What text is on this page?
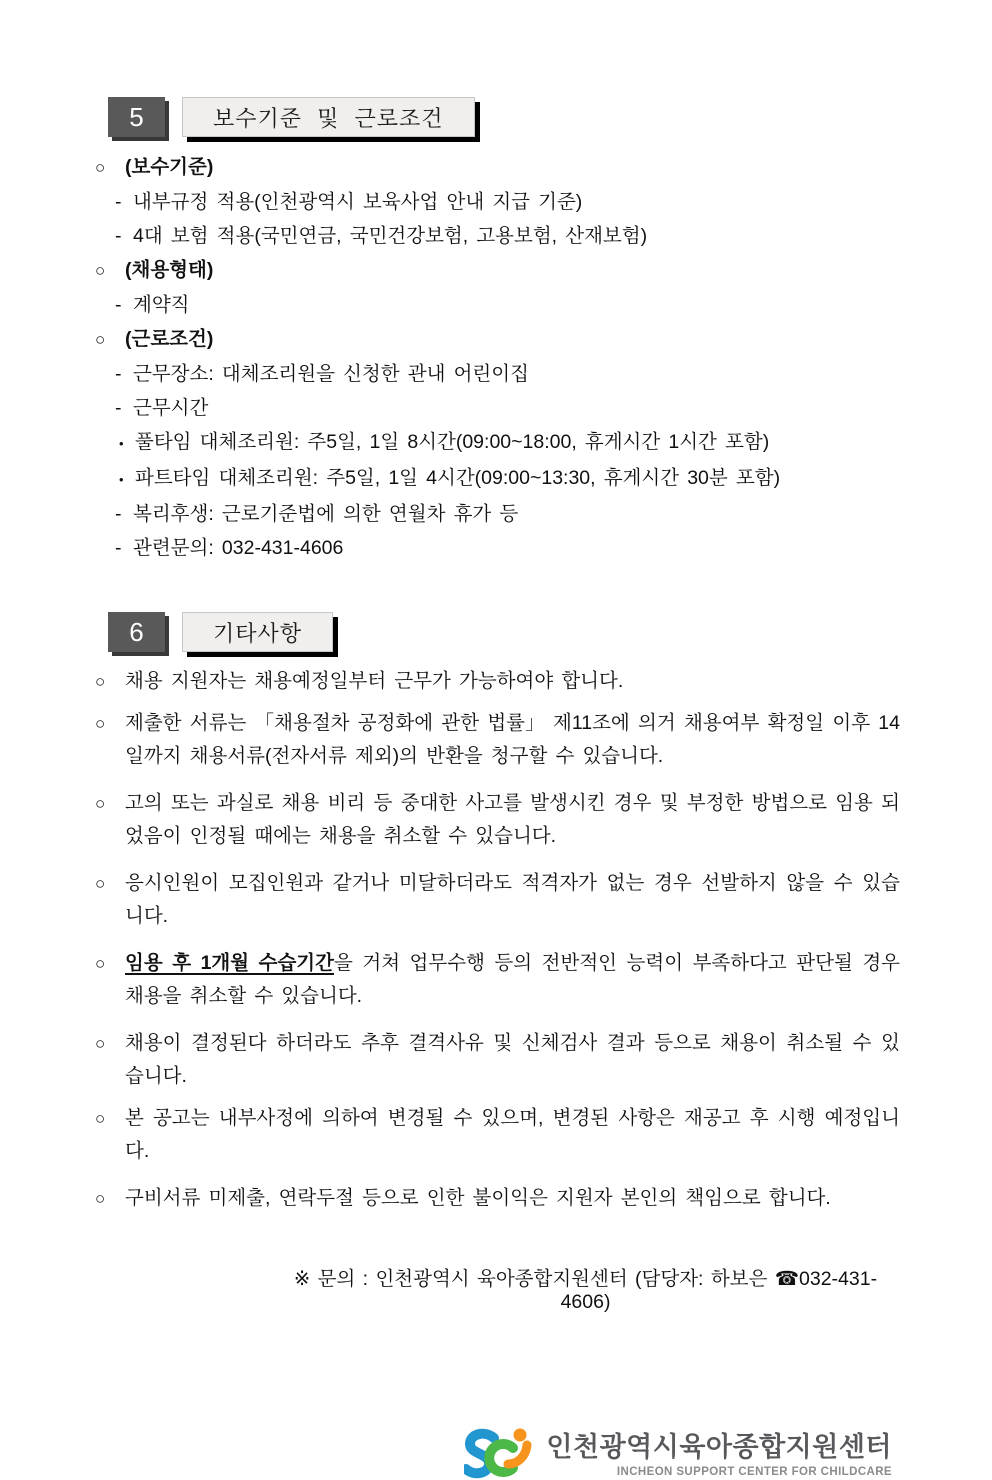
5	보수기준 및 근로조건
○ (보수기준)
- 내부규정 적용(인천광역시 보육사업 안내 지급 기준)
- 4대 보험 적용(국민연금, 국민건강보험, 고용보험, 산재보험)
○ (채용형태)
- 계약직
○ (근로조건)
- 근무장소: 대체조리원을 신청한 관내 어린이집
- 근무시간
• 풀타임 대체조리원: 주5일, 1일 8시간(09:00~18:00, 휴게시간 1시간 포함)
• 파트타임 대체조리원: 주5일, 1일 4시간(09:00~13:30, 휴게시간 30분 포함)
- 복리후생: 근로기준법에 의한 연월차 휴가 등
- 관련문의: 032-431-4606
6	기타사항

○ 채용 지원자는 채용예정일부터 근무가 가능하여야 합니다.

○ 제출한 서류는 「채용절차 공정화에 관한 법률」 제11조에 의거 채용여부 확정일 이후 14일까지 채용서류(전자서류 제외)의 반환을 청구할 수 있습니다.

○ 고의 또는 과실로 채용 비리 등 중대한 사고를 발생시킨 경우 및 부정한 방법으로 임용 되었음이 인정될 때에는 채용을 취소할 수 있습니다.

○ 응시인원이 모집인원과 같거나 미달하더라도 적격자가 없는 경우 선발하지 않을 수 있습니다.

○ 임용 후 1개월 수습기간을 거쳐 업무수행 등의 전반적인 능력이 부족하다고 판단될 경우 채용을 취소할 수 있습니다.

○ 채용이 결정된다 하더라도 추후 결격사유 및 신체검사 결과 등으로 채용이 취소될 수 있습니다.

○ 본 공고는 내부사정에 의하여 변경될 수 있으며, 변경된 사항은 재공고 후 시행 예정입니다.

○ 구비서류 미제출, 연락두절 등으로 인한 불이익은 지원자 본인의 책임으로 합니다.

※ 문의 : 인천광역시 육아종합지원센터 (담당자: 하보은 ☎032-431-4606)

인천광역시육아종합지원센터
INCHEON SUPPORT CENTER FOR CHILDCARE
